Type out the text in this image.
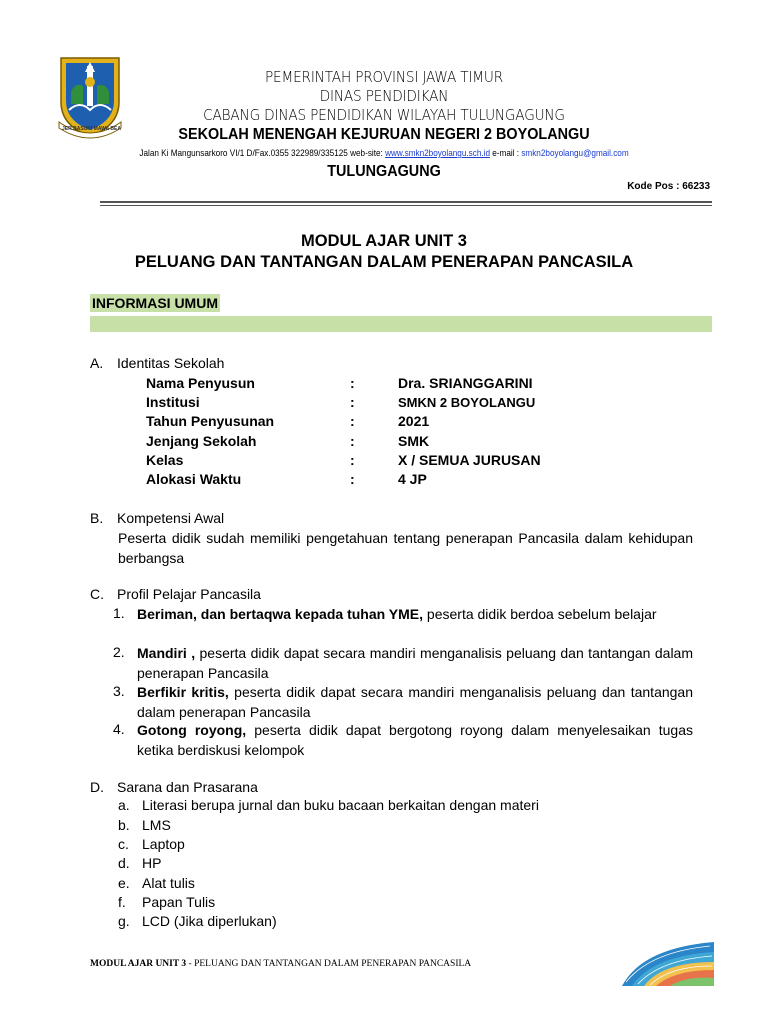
JER BASUKI MAWA BEA
PEMERINTAH PROVINSI JAWA TIMUR
DINAS PENDIDIKAN
CABANG DINAS PENDIDIKAN WILAYAH TULUNGAGUNG
SEKOLAH MENENGAH KEJURUAN NEGERI 2 BOYOLANGU
Jalan Ki Mangunsarkoro VI/1 D/Fax.0355 322989/335125 web-site: www.smkn2boyolangu.sch.id e-mail : smkn2boyolangu@gmail.com
TULUNGAGUNG
Kode Pos : 66233
MODUL AJAR UNIT 3
PELUANG DAN TANTANGAN DALAM PENERAPAN PANCASILA
INFORMASI UMUM
A. Identitas Sekolah
Nama Penyusun	:	Dra. SRIANGGARINI
Institusi	:	SMKN 2 BOYOLANGU
Tahun Penyusunan	:	2021
Jenjang Sekolah	:	SMK
Kelas	:	X / SEMUA JURUSAN
Alokasi Waktu	:	4 JP
B. Kompetensi Awal
Peserta didik sudah memiliki pengetahuan tentang penerapan Pancasila dalam kehidupan berbangsa
C. Profil Pelajar Pancasila
1. Beriman, dan bertaqwa kepada tuhan YME, peserta didik berdoa sebelum belajar
2. Mandiri , peserta didik dapat secara mandiri menganalisis peluang dan tantangan dalam penerapan Pancasila
3. Berfikir kritis, peserta didik dapat secara mandiri menganalisis peluang dan tantangan dalam penerapan Pancasila
4. Gotong royong, peserta didik dapat bergotong royong dalam menyelesaikan tugas ketika berdiskusi kelompok
D. Sarana dan Prasarana
a. Literasi berupa jurnal dan buku bacaan berkaitan dengan materi
b. LMS
c. Laptop
d. HP
e. Alat tulis
f. Papan Tulis
g. LCD (Jika diperlukan)
MODUL AJAR UNIT 3 - PELUANG DAN TANTANGAN DALAM PENERAPAN PANCASILA
